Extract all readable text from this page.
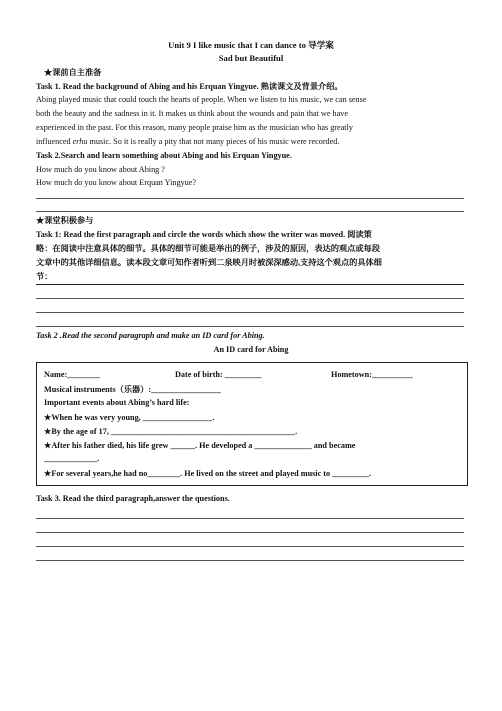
Unit 9 I like music that I can dance to 导学案
Sad but Beautiful
★课前自主准备
Task 1. Read the background of Abing and his Erquan Yingyue. 熟读课文及背景介绍。
Abing played music that could touch the hearts of people. When we listen to his music, we can sense
both the beauty and the sadness in it. It makes us think about the wounds and pain that we have
experienced in the past. For this reason, many people praise him as the musician who has greatly
influenced erhu music. So it is really a pity that not many pieces of his music were recorded.
Task 2.Search and learn something about Abing and his Erquan Yingyue.
How much do you know about Abing ?
How much do you know about Erquan Yingyue?
★课堂积极参与
Task 1: Read the first paragraph and circle the words which show the writer was moved. 阅读策
略：在阅读中注意具体的细节。具体的细节可能是举出的例子，涉及的原因，表达的观点或每段
文章中的其他详细信息。读本段文章可知作者听到二泉映月时被深深感动,支持这个观点的具体细
节：
Task 2 .Read the second paragraph and make an ID card for Abing.
An ID card for Abing
Name:________	Date of birth: _________	Hometown:__________
Musical instruments（乐器）:_________________
Important events about Abing’s hard life:
★When he was very young, _________________.
★By the age of 17, _____________________________________________.
★After his father died, his life grew ______. He developed a ______________ and became
_____________.
★For several years,he had no________. He lived on the street and played music to _________.
Task 3. Read the third paragraph,answer the questions.
